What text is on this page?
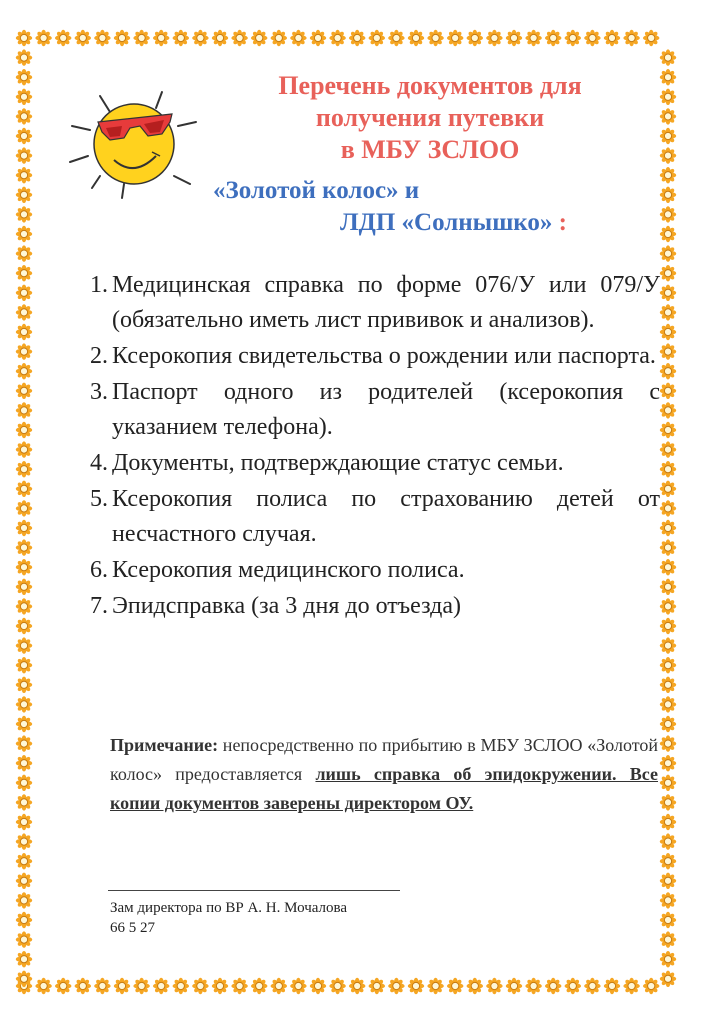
Перечень документов для
получения путевки
в МБУ ЗСЛОО
«Золотой колос» и
ЛДП «Солнышко» :
1. Медицинская справка по форме 076/У или 079/У (обязательно иметь лист прививок и анализов).
2. Ксерокопия свидетельства о рождении или паспорта.
3. Паспорт одного из родителей (ксерокопия с указанием телефона).
4. Документы, подтверждающие статус семьи.
5. Ксерокопия полиса по страхованию детей от несчастного случая.
6. Ксерокопия медицинского полиса.
7. Эпидсправка (за 3 дня до отъезда)
Примечание: непосредственно по прибытию в МБУ ЗСЛОО «Золотой колос» предоставляется лишь справка об эпидокружении. Все копии документов заверены директором ОУ.
Зам директора по ВР А. Н. Мочалова
66 5 27
